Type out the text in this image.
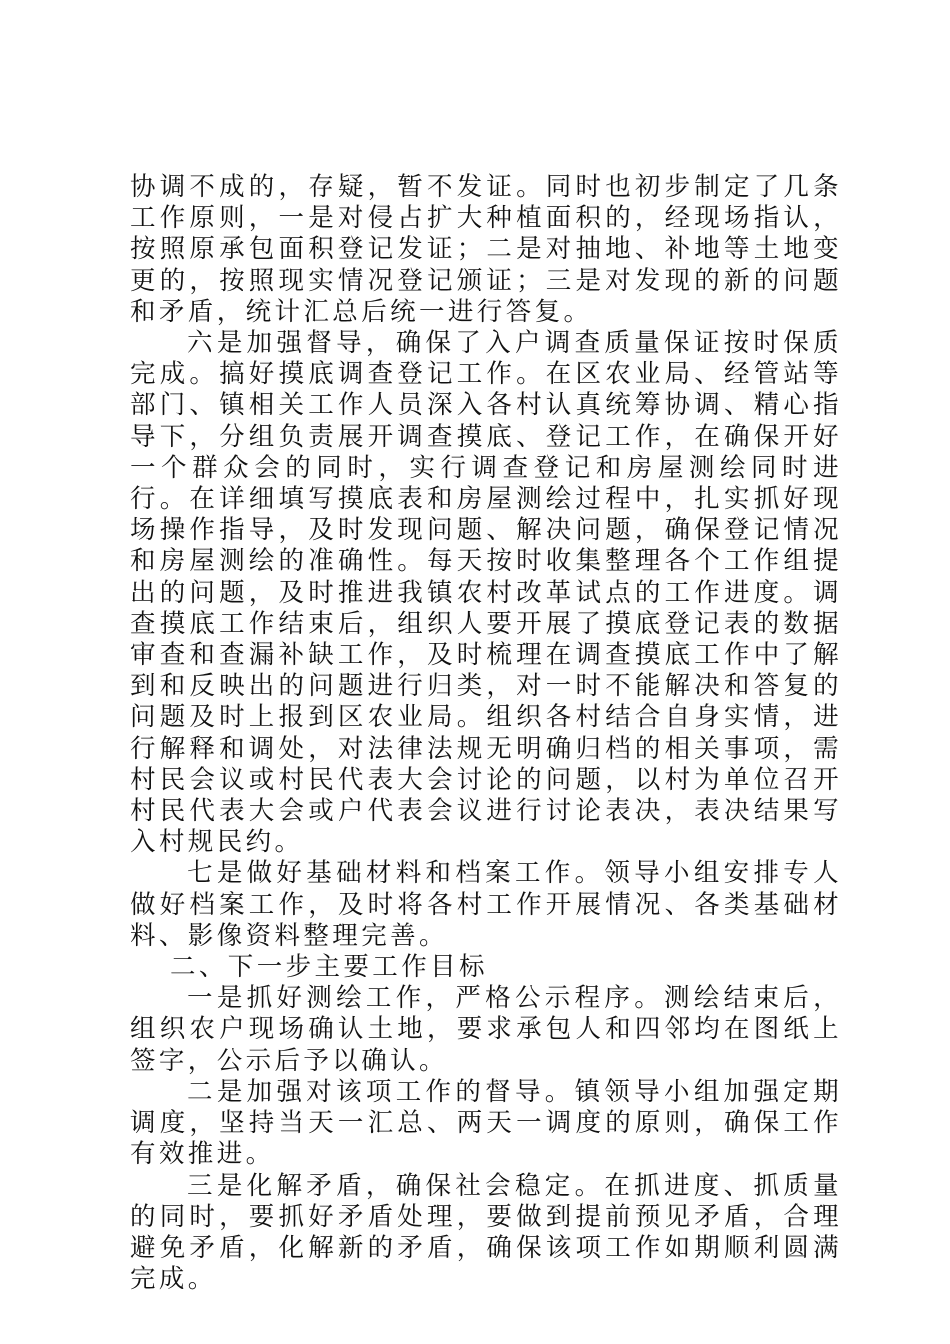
协调不成的，存疑，暂不发证。同时也初步制定了几条工作原则，一是对侵占扩大种植面积的，经现场指认，按照原承包面积登记发证；二是对抽地、补地等土地变更的，按照现实情况登记颁证；三是对发现的新的问题和矛盾，统计汇总后统一进行答复。

六是加强督导，确保了入户调查质量保证按时保质完成。搞好摸底调查登记工作。在区农业局、经管站等部门、镇相关工作人员深入各村认真统筹协调、精心指导下，分组负责展开调查摸底、登记工作，在确保开好一个群众会的同时，实行调查登记和房屋测绘同时进行。在详细填写摸底表和房屋测绘过程中，扎实抓好现场操作指导，及时发现问题、解决问题，确保登记情况和房屋测绘的准确性。每天按时收集整理各个工作组提出的问题，及时推进我镇农村改革试点的工作进度。调查摸底工作结束后，组织人要开展了摸底登记表的数据审查和查漏补缺工作，及时梳理在调查摸底工作中了解到和反映出的问题进行归类，对一时不能解决和答复的问题及时上报到区农业局。组织各村结合自身实情，进行解释和调处，对法律法规无明确归档的相关事项，需村民会议或村民代表大会讨论的问题，以村为单位召开村民代表大会或户代表会议进行讨论表决，表决结果写入村规民约。

七是做好基础材料和档案工作。领导小组安排专人做好档案工作，及时将各村工作开展情况、各类基础材料、影像资料整理完善。

二、下一步主要工作目标

一是抓好测绘工作，严格公示程序。测绘结束后，组织农户现场确认土地，要求承包人和四邻均在图纸上签字，公示后予以确认。

二是加强对该项工作的督导。镇领导小组加强定期调度，坚持当天一汇总、两天一调度的原则，确保工作有效推进。

三是化解矛盾，确保社会稳定。在抓进度、抓质量的同时，要抓好矛盾处理，要做到提前预见矛盾，合理避免矛盾，化解新的矛盾，确保该项工作如期顺利圆满完成。
